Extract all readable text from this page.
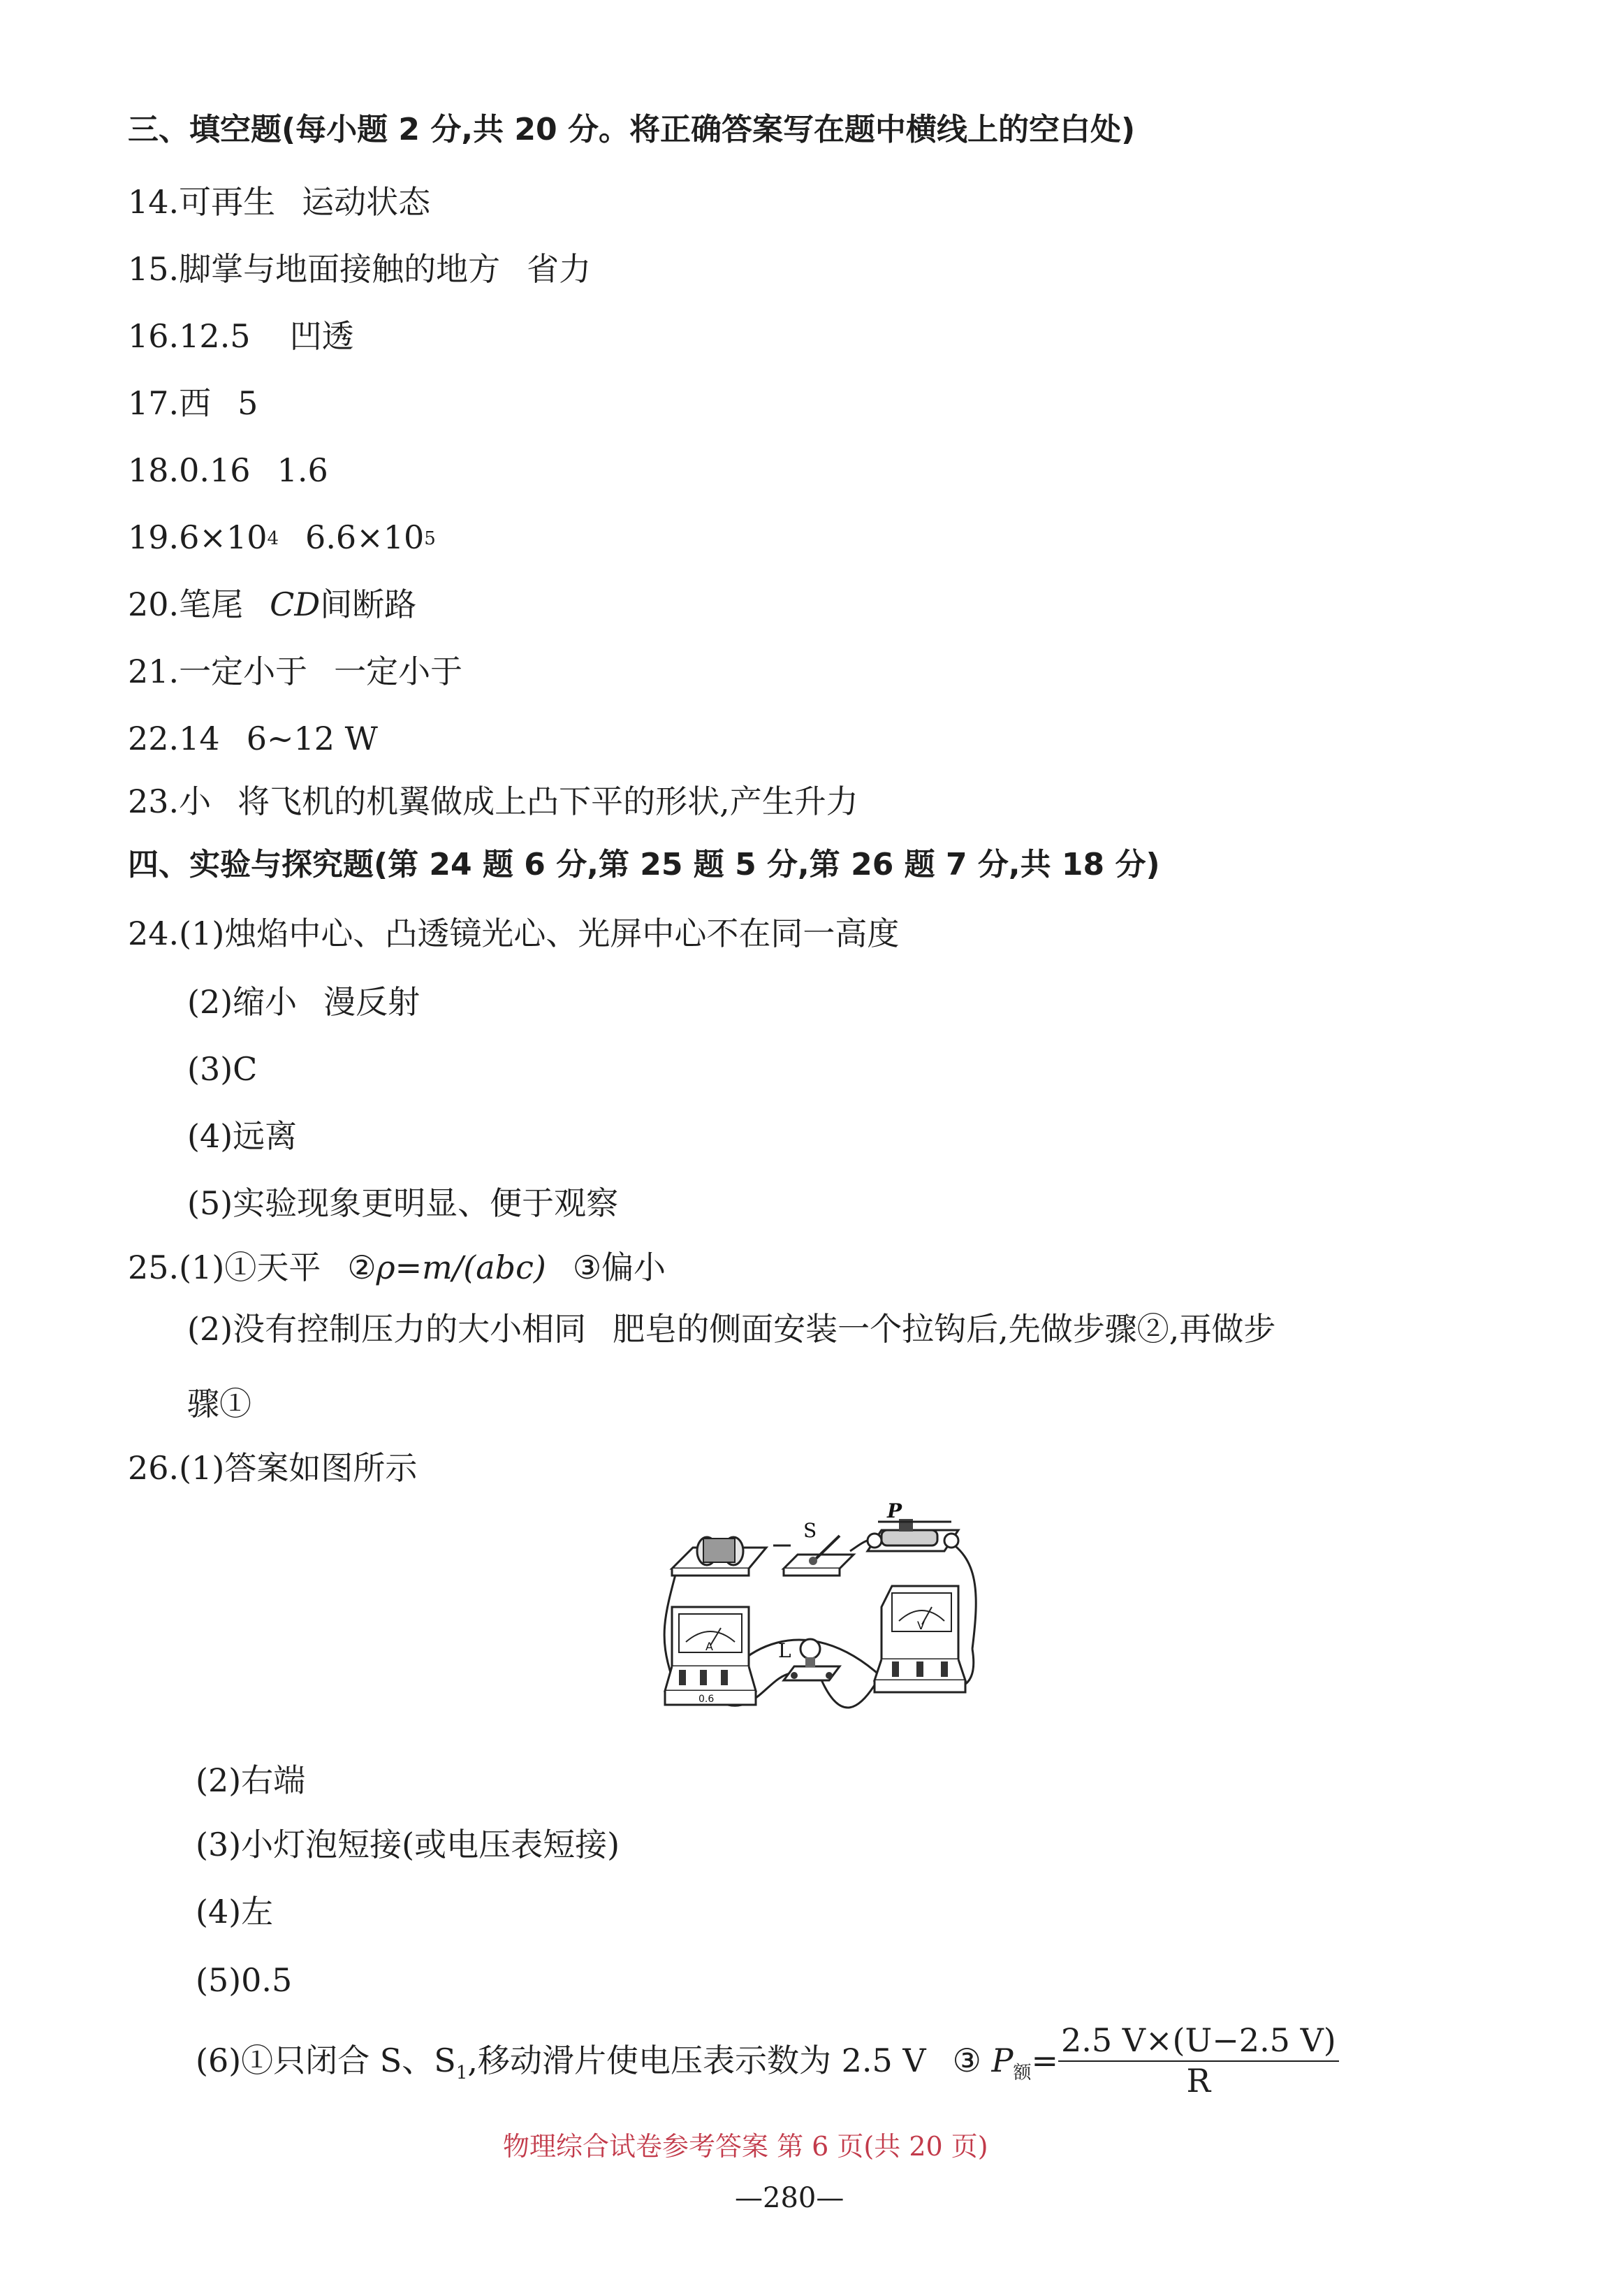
三、填空题(每小题 2 分,共 20 分。将正确答案写在题中横线上的空白处)
14.可再生 运动状态
15.脚掌与地面接触的地方 省力
16.12.5 凹透
17.西 5
18.0.16 1.6
$19.6\times 10^4$ $6.6\times 10^5$
20.笔尾 CD间断路
21.一定小于 一定小于
22.14 6~12 W
23.小 将飞机的机翼做成上凸下平的形状,产生升力
四、实验与探究题(第 24 题 6 分,第 25 题 5 分,第 26 题 7 分,共 18 分)
24.(1)烛焰中心、凸透镜光心、光屏中心不在同一高度
(2)缩小 漫反射
(3)C
(4)远离
(5)实验现象更明显、便于观察
25.(1)①天平 ②ρ=m/(abc) ③偏小
(2)没有控制压力的大小相同 肥皂的侧面安装一个拉钩后,先做步骤②,再做步
骤①
26.(1)答案如图所示
S
P
A
0.6
L
V
(2)右端
(3)小灯泡短接(或电压表短接)
(4)左
(5)0.5
(6)①只闭合 S、$S_1$,移动滑片使电压表示数为 2.5 V ③ $P_额= \frac{2.5 V\times(U-2.5 V)}{R}$
物理综合试卷参考答案 第 6 页(共 20 页)
—280—
